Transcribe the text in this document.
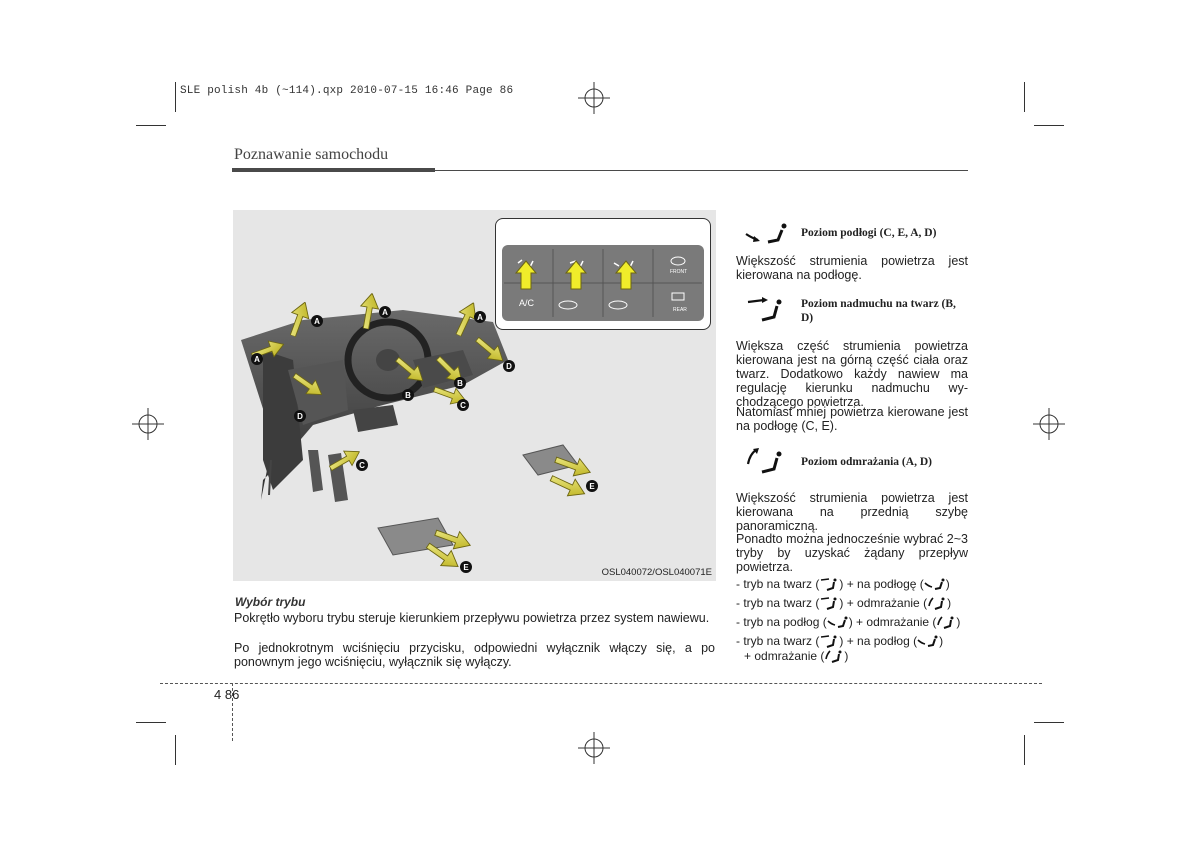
SLE polish 4b (~114).qxp 2010-07-15 16:46 Page 86
Poznawanie samochodu
A
A
A
A
B
B
C
C
D
D
E
E
A/C
FRONT
REAR
OSL040072/OSL040071E
Wybór trybu
Pokrętło wyboru trybu steruje kierunkiem przepływu powietrza przez system nawiewu.
Po jednokrotnym wciśnięciu przycisku, odpowiedni wyłącznik włączy się, a po ponownym jego wciśnięciu, wyłącznik się wyłączy.
Poziom podłogi (C, E, A, D)
Większość strumienia powietrza jest kierowana na podłogę.
Poziom nadmuchu na twarz (B, D)
Większa część strumienia powietrza kierowana jest na górną część ciała oraz twarz. Dodatkowo każdy nawiew ma regulację kierunku nadmuchu wy-chodzącego powietrza.
Natomiast mniej powietrza kierowane jest na podłogę (C, E).
Poziom odmrażania (A, D)
Większość strumienia powietrza jest kierowana na przednią szybę panoramiczną.
Ponadto można jednocześnie wybrać 2~3 tryby by uzyskać żądany przepływ powietrza.
- tryb na twarz ( ) + na podłogę ( )
- tryb na twarz ( ) + odmrażanie ( )
- tryb na podłog ( ) + odmrażanie ( )
- tryb na twarz ( ) + na podłog ( )
+ odmrażanie ( )
4 86
